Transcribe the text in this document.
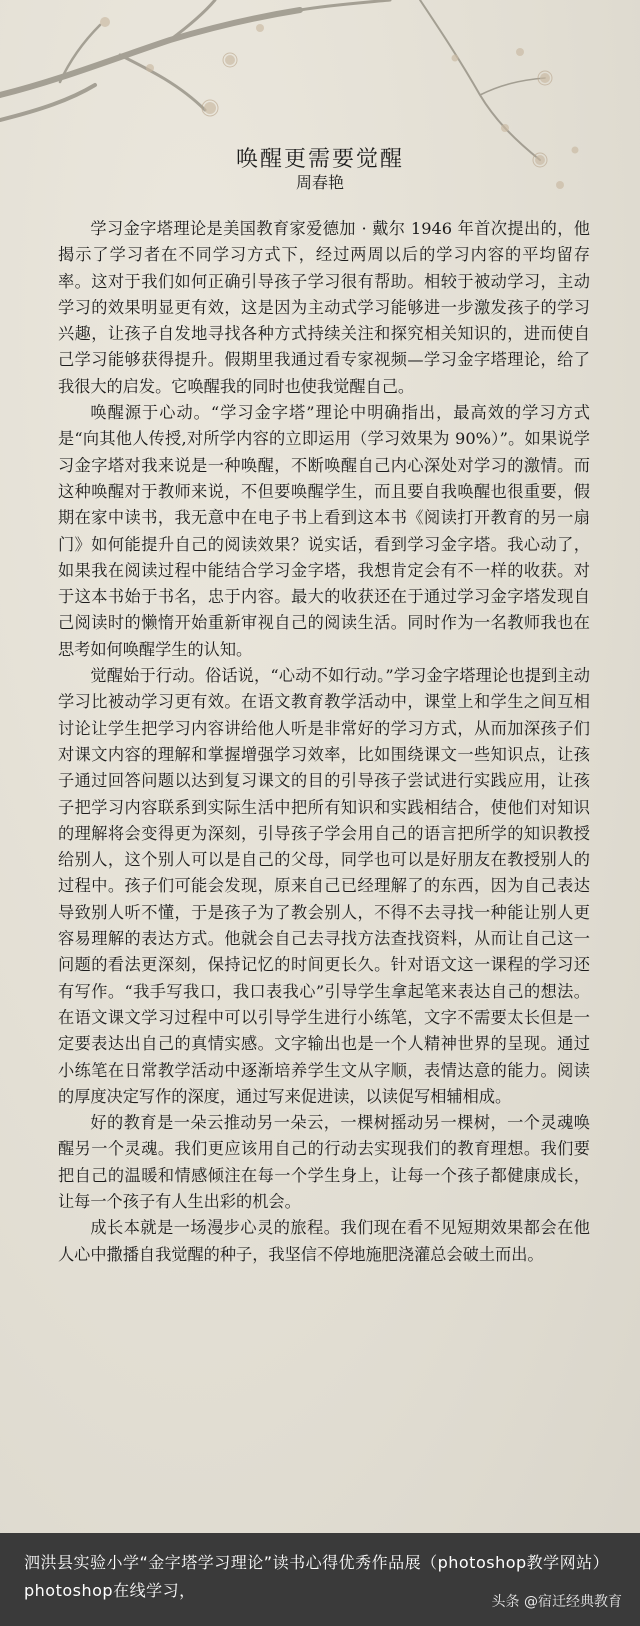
唤醒更需要觉醒
周春艳

学习金字塔理论是美国教育家爱德加 · 戴尔 1946 年首次提出的，他揭示了学习者在不同学习方式下，经过两周以后的学习内容的平均留存率。这对于我们如何正确引导孩子学习很有帮助。相较于被动学习，主动学习的效果明显更有效，这是因为主动式学习能够进一步激发孩子的学习兴趣，让孩子自发地寻找各种方式持续关注和探究相关知识的，进而使自己学习能够获得提升。假期里我通过看专家视频—学习金字塔理论，给了我很大的启发。它唤醒我的同时也使我觉醒自己。

唤醒源于心动。“学习金字塔”理论中明确指出，最高效的学习方式是“向其他人传授,对所学内容的立即运用（学习效果为 90%）”。如果说学习金字塔对我来说是一种唤醒，不断唤醒自己内心深处对学习的激情。而这种唤醒对于教师来说，不但要唤醒学生，而且要自我唤醒也很重要，假期在家中读书，我无意中在电子书上看到这本书《阅读打开教育的另一扇门》如何能提升自己的阅读效果？说实话，看到学习金字塔。我心动了，如果我在阅读过程中能结合学习金字塔，我想肯定会有不一样的收获。对于这本书始于书名，忠于内容。最大的收获还在于通过学习金字塔发现自己阅读时的懒惰开始重新审视自己的阅读生活。同时作为一名教师我也在思考如何唤醒学生的认知。

觉醒始于行动。俗话说，“心动不如行动。”学习金字塔理论也提到主动学习比被动学习更有效。在语文教育教学活动中，课堂上和学生之间互相讨论让学生把学习内容讲给他人听是非常好的学习方式，从而加深孩子们对课文内容的理解和掌握增强学习效率，比如围绕课文一些知识点，让孩子通过回答问题以达到复习课文的目的引导孩子尝试进行实践应用，让孩子把学习内容联系到实际生活中把所有知识和实践相结合，使他们对知识的理解将会变得更为深刻，引导孩子学会用自己的语言把所学的知识教授给别人，这个别人可以是自己的父母，同学也可以是好朋友在教授别人的过程中。孩子们可能会发现，原来自己已经理解了的东西，因为自己表达导致别人听不懂，于是孩子为了教会别人，不得不去寻找一种能让别人更容易理解的表达方式。他就会自己去寻找方法查找资料，从而让自己这一问题的看法更深刻，保持记忆的时间更长久。针对语文这一课程的学习还有写作。“我手写我口，我口表我心”引导学生拿起笔来表达自己的想法。在语文课文学习过程中可以引导学生进行小练笔，文字不需要太长但是一定要表达出自己的真情实感。文字输出也是一个人精神世界的呈现。通过小练笔在日常教学活动中逐渐培养学生文从字顺，表情达意的能力。阅读的厚度决定写作的深度，通过写来促进读，以读促写相辅相成。

好的教育是一朵云推动另一朵云，一棵树摇动另一棵树，一个灵魂唤醒另一个灵魂。我们更应该用自己的行动去实现我们的教育理想。我们要把自己的温暖和情感倾注在每一个学生身上，让每一个孩子都健康成长，让每一个孩子有人生出彩的机会。

成长本就是一场漫步心灵的旅程。我们现在看不见短期效果都会在他人心中撒播自我觉醒的种子，我坚信不停地施肥浇灌总会破土而出。

泗洪县实验小学“金字塔学习理论”读书心得优秀作品展（photoshop教学网站）photoshop在线学习，
头条 @宿迁经典教育
